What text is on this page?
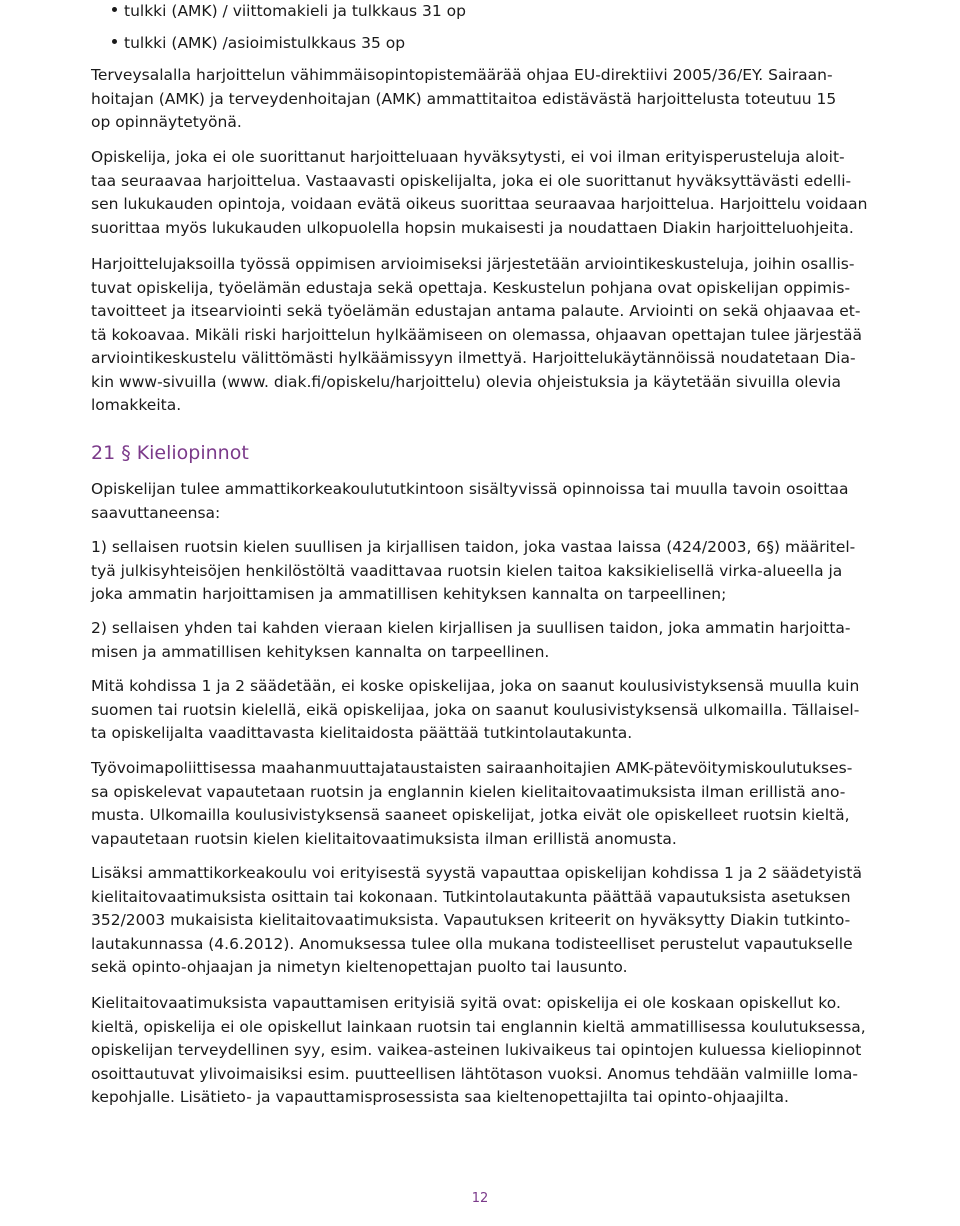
tulkki (AMK) / viittomakieli ja tulkkaus 31 op
tulkki (AMK) /asioimistulkkaus 35 op
Terveysalalla harjoittelun vähimmäisopintopistemäärää ohjaa EU-direktiivi 2005/36/EY. Sairaan-
hoitajan (AMK) ja terveydenhoitajan (AMK) ammattitaitoa edistävästä harjoittelusta toteutuu 15
op opinnäytetyönä.
Opiskelija, joka ei ole suorittanut harjoitteluaan hyväksytysti, ei voi ilman erityisperusteluja aloit-
taa seuraavaa harjoittelua. Vastaavasti opiskelijalta, joka ei ole suorittanut hyväksyttävästi edelli-
sen lukukauden opintoja, voidaan evätä oikeus suorittaa seuraavaa harjoittelua. Harjoittelu voidaan
suorittaa myös lukukauden ulkopuolella hopsin mukaisesti ja noudattaen Diakin harjoitteluohjeita.
Harjoittelujaksoilla työssä oppimisen arvioimiseksi järjestetään arviointikeskusteluja, joihin osallis-
tuvat opiskelija, työelämän edustaja sekä opettaja. Keskustelun pohjana ovat opiskelijan oppimis-
tavoitteet ja itsearviointi sekä työelämän edustajan antama palaute. Arviointi on sekä ohjaavaa et-
tä kokoavaa. Mikäli riski harjoittelun hylkäämiseen on olemassa, ohjaavan opettajan tulee järjestää
arviointikeskustelu välittömästi hylkäämissyyn ilmettyä. Harjoittelukäytännöissä noudatetaan Dia-
kin www-sivuilla (www. diak.fi/opiskelu/harjoittelu) olevia ohjeistuksia ja käytetään sivuilla olevia
lomakkeita.
21 § Kieliopinnot
Opiskelijan tulee ammattikorkeakoulututkintoon sisältyvissä opinnoissa tai muulla tavoin osoittaa
saavuttaneensa:
1) sellaisen ruotsin kielen suullisen ja kirjallisen taidon, joka vastaa laissa (424/2003, 6§) määritel-
tyä julkisyhteisöjen henkilöstöltä vaadittavaa ruotsin kielen taitoa kaksikielisellä virka-alueella ja
joka ammatin harjoittamisen ja ammatillisen kehityksen kannalta on tarpeellinen;
2) sellaisen yhden tai kahden vieraan kielen kirjallisen ja suullisen taidon, joka ammatin harjoitta-
misen ja ammatillisen kehityksen kannalta on tarpeellinen.
Mitä kohdissa 1 ja 2 säädetään, ei koske opiskelijaa, joka on saanut koulusivistyksensä muulla kuin
suomen tai ruotsin kielellä, eikä opiskelijaa, joka on saanut koulusivistyksensä ulkomailla. Tällaisel-
ta opiskelijalta vaadittavasta kielitaidosta päättää tutkintolautakunta.
Työvoimapoliittisessa maahanmuuttajataustaisten sairaanhoitajien AMK-pätevöitymiskoulutukses-
sa opiskelevat vapautetaan ruotsin ja englannin kielen kielitaitovaatimuksista ilman erillistä ano-
musta. Ulkomailla koulusivistyksensä saaneet opiskelijat, jotka eivät ole opiskelleet ruotsin kieltä,
vapautetaan ruotsin kielen kielitaitovaatimuksista ilman erillistä anomusta.
Lisäksi ammattikorkeakoulu voi erityisestä syystä vapauttaa opiskelijan kohdissa 1 ja 2 säädetyistä
kielitaitovaatimuksista osittain tai kokonaan. Tutkintolautakunta päättää vapautuksista asetuksen
352/2003 mukaisista kielitaitovaatimuksista. Vapautuksen kriteerit on hyväksytty Diakin tutkinto-
lautakunnassa (4.6.2012). Anomuksessa tulee olla mukana todisteelliset perustelut vapautukselle
sekä opinto-ohjaajan ja nimetyn kieltenopettajan puolto tai lausunto.
Kielitaitovaatimuksista vapauttamisen erityisiä syitä ovat: opiskelija ei ole koskaan opiskellut ko.
kieltä, opiskelija ei ole opiskellut lainkaan ruotsin tai englannin kieltä ammatillisessa koulutuksessa,
opiskelijan terveydellinen syy, esim. vaikea-asteinen lukivaikeus tai opintojen kuluessa kieliopinnot
osoittautuvat ylivoimaisiksi esim. puutteellisen lähtötason vuoksi. Anomus tehdään valmiille loma-
kepohjalle. Lisätieto- ja vapauttamisprosessista saa kieltenopettajilta tai opinto-ohjaajilta.
12
